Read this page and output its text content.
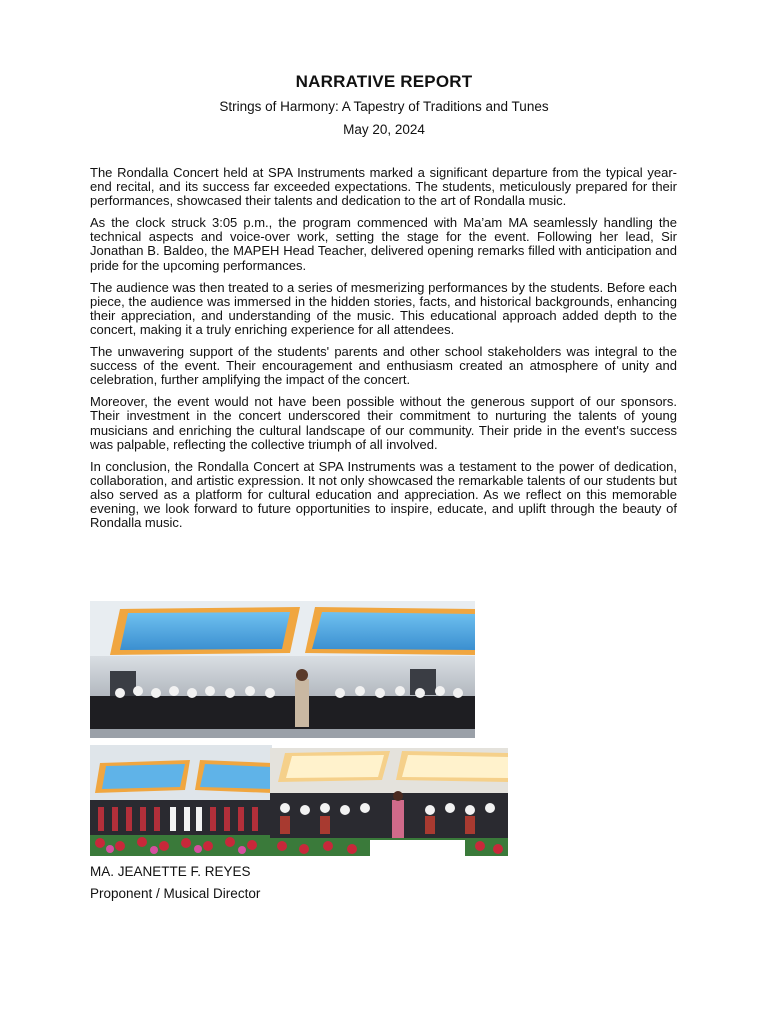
NARRATIVE REPORT
Strings of Harmony: A Tapestry of Traditions and Tunes
May 20, 2024

The Rondalla Concert held at SPA Instruments marked a significant departure from the typical year-end recital, and its success far exceeded expectations. The students, meticulously prepared for their performances, showcased their talents and dedication to the art of Rondalla music.

As the clock struck 3:05 p.m., the program commenced with Ma’am MA seamlessly handling the technical aspects and voice-over work, setting the stage for the event. Following her lead, Sir Jonathan B. Baldeo, the MAPEH Head Teacher, delivered opening remarks filled with anticipation and pride for the upcoming performances.

The audience was then treated to a series of mesmerizing performances by the students. Before each piece, the audience was immersed in the hidden stories, facts, and historical backgrounds, enhancing their appreciation, and understanding of the music. This educational approach added depth to the concert, making it a truly enriching experience for all attendees.

The unwavering support of the students' parents and other school stakeholders was integral to the success of the event. Their encouragement and enthusiasm created an atmosphere of unity and celebration, further amplifying the impact of the concert.

Moreover, the event would not have been possible without the generous support of our sponsors. Their investment in the concert underscored their commitment to nurturing the talents of young musicians and enriching the cultural landscape of our community. Their pride in the event's success was palpable, reflecting the collective triumph of all involved.

In conclusion, the Rondalla Concert at SPA Instruments was a testament to the power of dedication, collaboration, and artistic expression. It not only showcased the remarkable talents of our students but also served as a platform for cultural education and appreciation. As we reflect on this memorable evening, we look forward to future opportunities to inspire, educate, and uplift through the beauty of Rondalla music.

MA. JEANETTE F. REYES
Proponent / Musical Director
